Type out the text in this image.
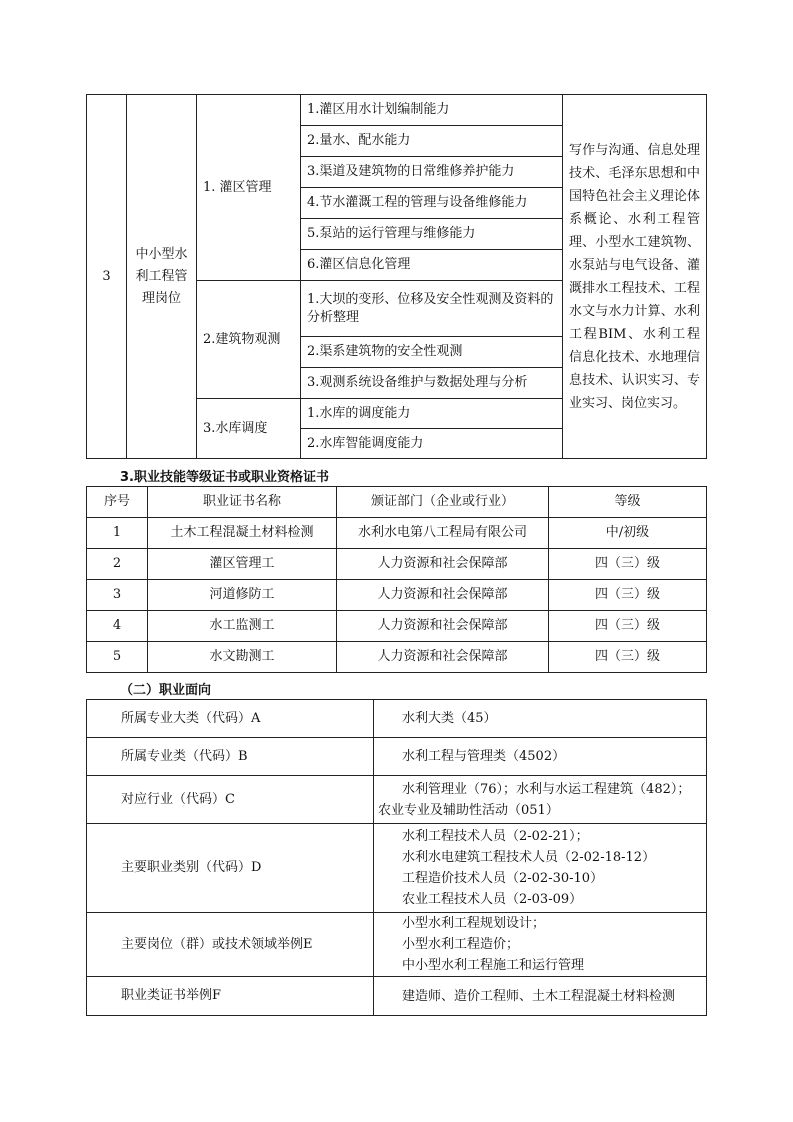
3	中小型水利工程管理岗位	1. 灌区管理	1.灌区用水计划编制能力	写作与沟通、信息处理技术、毛泽东思想和中国特色社会主义理论体系概论、水利工程管理、小型水工建筑物、水泵站与电气设备、灌溉排水工程技术、工程水文与水力计算、水利工程BIM、水利工程信息化技术、水地理信息技术、认识实习、专业实习、岗位实习。
			2.量水、配水能力	
			3.渠道及建筑物的日常维修养护能力	
			4.节水灌溉工程的管理与设备维修能力	
			5.泵站的运行管理与维修能力	
			6.灌区信息化管理	
		2.建筑物观测	1.大坝的变形、位移及安全性观测及资料的分析整理	
			2.渠系建筑物的安全性观测	
			3.观测系统设备维护与数据处理与分析	
		3.水库调度	1.水库的调度能力	
			2.水库智能调度能力	
3.职业技能等级证书或职业资格证书
序号	职业证书名称	颁证部门（企业或行业）	等级
1	土木工程混凝土材料检测	水利水电第八工程局有限公司	中/初级
2	灌区管理工	人力资源和社会保障部	四（三）级
3	河道修防工	人力资源和社会保障部	四（三）级
4	水工监测工	人力资源和社会保障部	四（三）级
5	水文勘测工	人力资源和社会保障部	四（三）级
（二）职业面向
所属专业大类（代码）A	水利大类（45）

所属专业类（代码）B	水利工程与管理类（4502）

对应行业（代码）C	水利管理业（76）；水利与水运工程建筑（482）；
农业专业及辅助性活动（051）

主要职业类别（代码）D	水利工程技术人员（2-02-21）；
水利水电建筑工程技术人员（2-02-18-12）
工程造价技术人员（2-02-30-10）
农业工程技术人员（2-03-09）

主要岗位（群）或技术领域举例E	小型水利工程规划设计；
小型水利工程造价；
中小型水利工程施工和运行管理

职业类证书举例F	建造师、造价工程师、土木工程混凝土材料检测
